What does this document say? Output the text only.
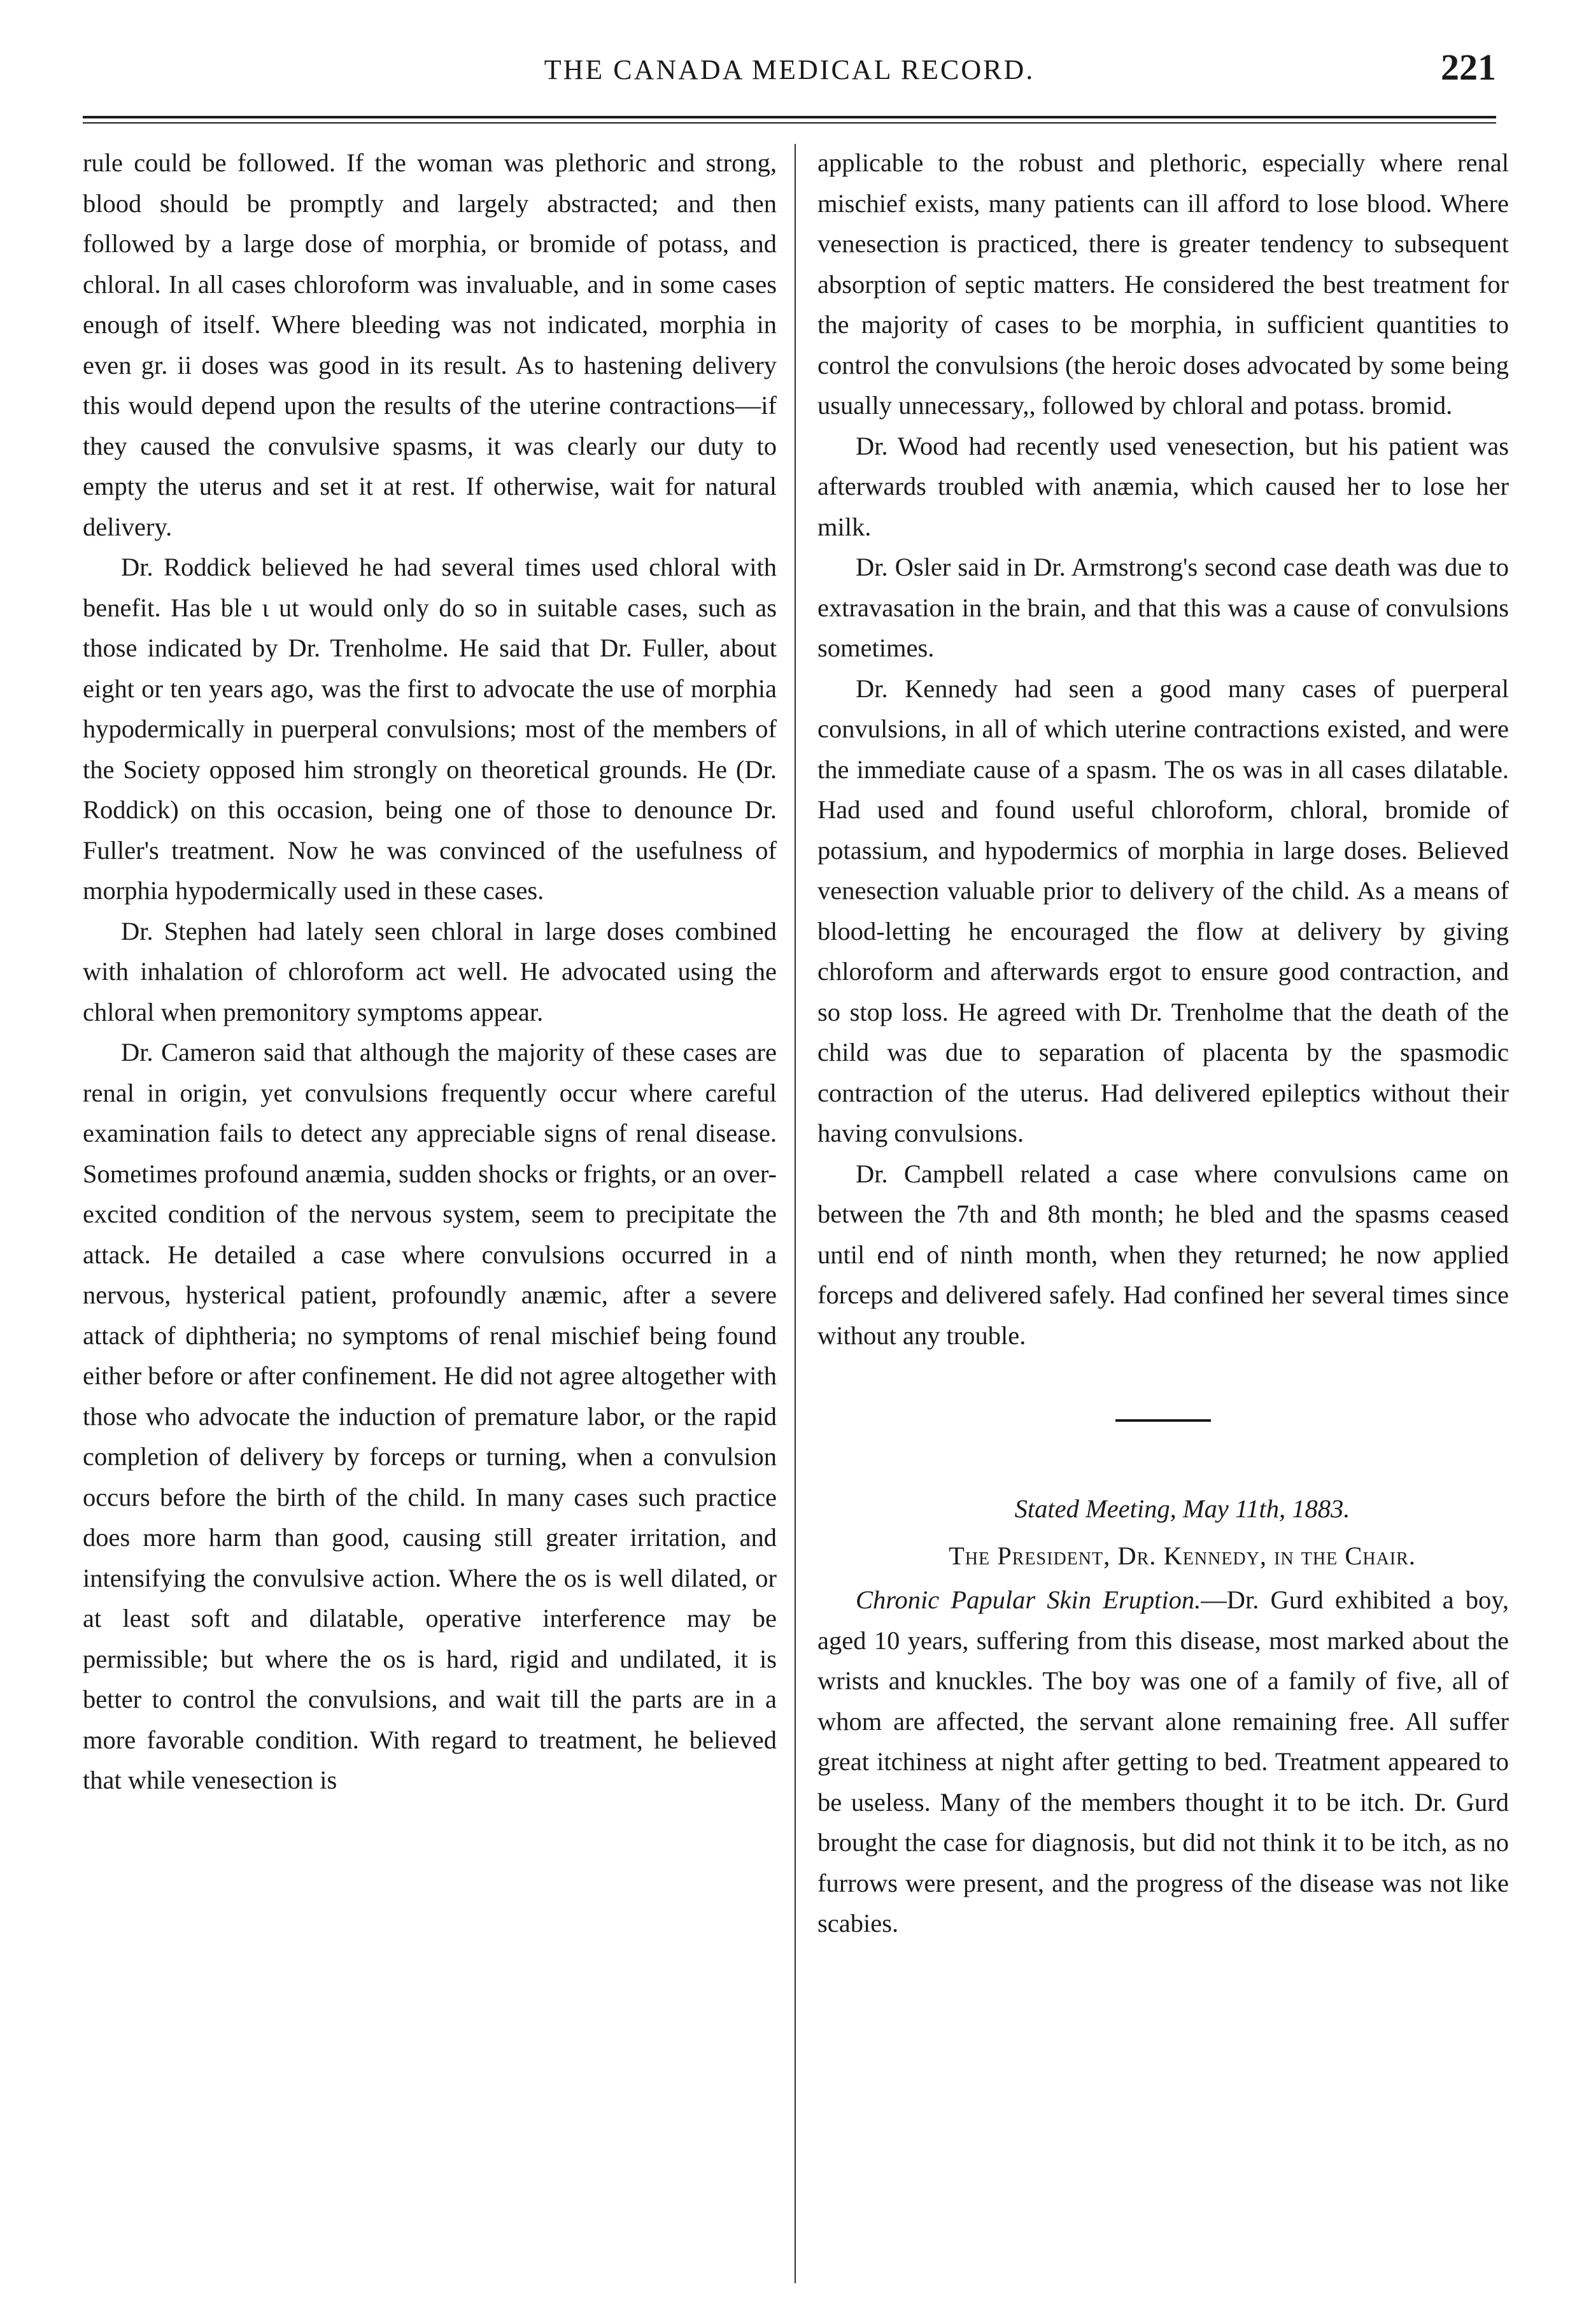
THE CANADA MEDICAL RECORD.	221

rule could be followed. If the woman was plethoric and strong, blood should be promptly and largely abstracted; and then followed by a large dose of morphia, or bromide of potass, and chloral. In all cases chloroform was invaluable, and in some cases enough of itself. Where bleeding was not indicated, morphia in even gr. ii doses was good in its result. As to hastening delivery this would depend upon the results of the uterine contractions—if they caused the convulsive spasms, it was clearly our duty to empty the uterus and set it at rest. If otherwise, wait for natural delivery.

Dr. Roddick believed he had several times used chloral with benefit. Has ble ι ut would only do so in suitable cases, such as those indicated by Dr. Trenholme. He said that Dr. Fuller, about eight or ten years ago, was the first to advocate the use of morphia hypodermically in puerperal convulsions; most of the members of the Society opposed him strongly on theoretical grounds. He (Dr. Roddick) on this occasion, being one of those to denounce Dr. Fuller's treatment. Now he was convinced of the usefulness of morphia hypodermically used in these cases.

Dr. Stephen had lately seen chloral in large doses combined with inhalation of chloroform act well. He advocated using the chloral when premonitory symptoms appear.

Dr. Cameron said that although the majority of these cases are renal in origin, yet convulsions frequently occur where careful examination fails to detect any appreciable signs of renal disease. Sometimes profound anæmia, sudden shocks or frights, or an over-excited condition of the nervous system, seem to precipitate the attack. He detailed a case where convulsions occurred in a nervous, hysterical patient, profoundly anæmic, after a severe attack of diphtheria; no symptoms of renal mischief being found either before or after confinement. He did not agree altogether with those who advocate the induction of premature labor, or the rapid completion of delivery by forceps or turning, when a convulsion occurs before the birth of the child. In many cases such practice does more harm than good, causing still greater irritation, and intensifying the convulsive action. Where the os is well dilated, or at least soft and dilatable, operative interference may be permissible; but where the os is hard, rigid and undilated, it is better to control the convulsions, and wait till the parts are in a more favorable condition. With regard to treatment, he believed that while venesection is

applicable to the robust and plethoric, especially where renal mischief exists, many patients can ill afford to lose blood. Where venesection is practiced, there is greater tendency to subsequent absorption of septic matters. He considered the best treatment for the majority of cases to be morphia, in sufficient quantities to control the convulsions (the heroic doses advocated by some being usually unnecessary,, followed by chloral and potass. bromid.

Dr. Wood had recently used venesection, but his patient was afterwards troubled with anæmia, which caused her to lose her milk.

Dr. Osler said in Dr. Armstrong's second case death was due to extravasation in the brain, and that this was a cause of convulsions sometimes.

Dr. Kennedy had seen a good many cases of puerperal convulsions, in all of which uterine contractions existed, and were the immediate cause of a spasm. The os was in all cases dilatable. Had used and found useful chloroform, chloral, bromide of potassium, and hypodermics of morphia in large doses. Believed venesection valuable prior to delivery of the child. As a means of blood-letting he encouraged the flow at delivery by giving chloroform and afterwards ergot to ensure good contraction, and so stop loss. He agreed with Dr. Trenholme that the death of the child was due to separation of placenta by the spasmodic contraction of the uterus. Had delivered epileptics without their having convulsions.

Dr. Campbell related a case where convulsions came on between the 7th and 8th month; he bled and the spasms ceased until end of ninth month, when they returned; he now applied forceps and delivered safely. Had confined her several times since without any trouble.

Stated Meeting, May 11th, 1883.

The President, Dr. Kennedy, in the Chair.

Chronic Papular Skin Eruption.—Dr. Gurd exhibited a boy, aged 10 years, suffering from this disease, most marked about the wrists and knuckles. The boy was one of a family of five, all of whom are affected, the servant alone remaining free. All suffer great itchiness at night after getting to bed. Treatment appeared to be useless. Many of the members thought it to be itch. Dr. Gurd brought the case for diagnosis, but did not think it to be itch, as no furrows were present, and the progress of the disease was not like scabies.
